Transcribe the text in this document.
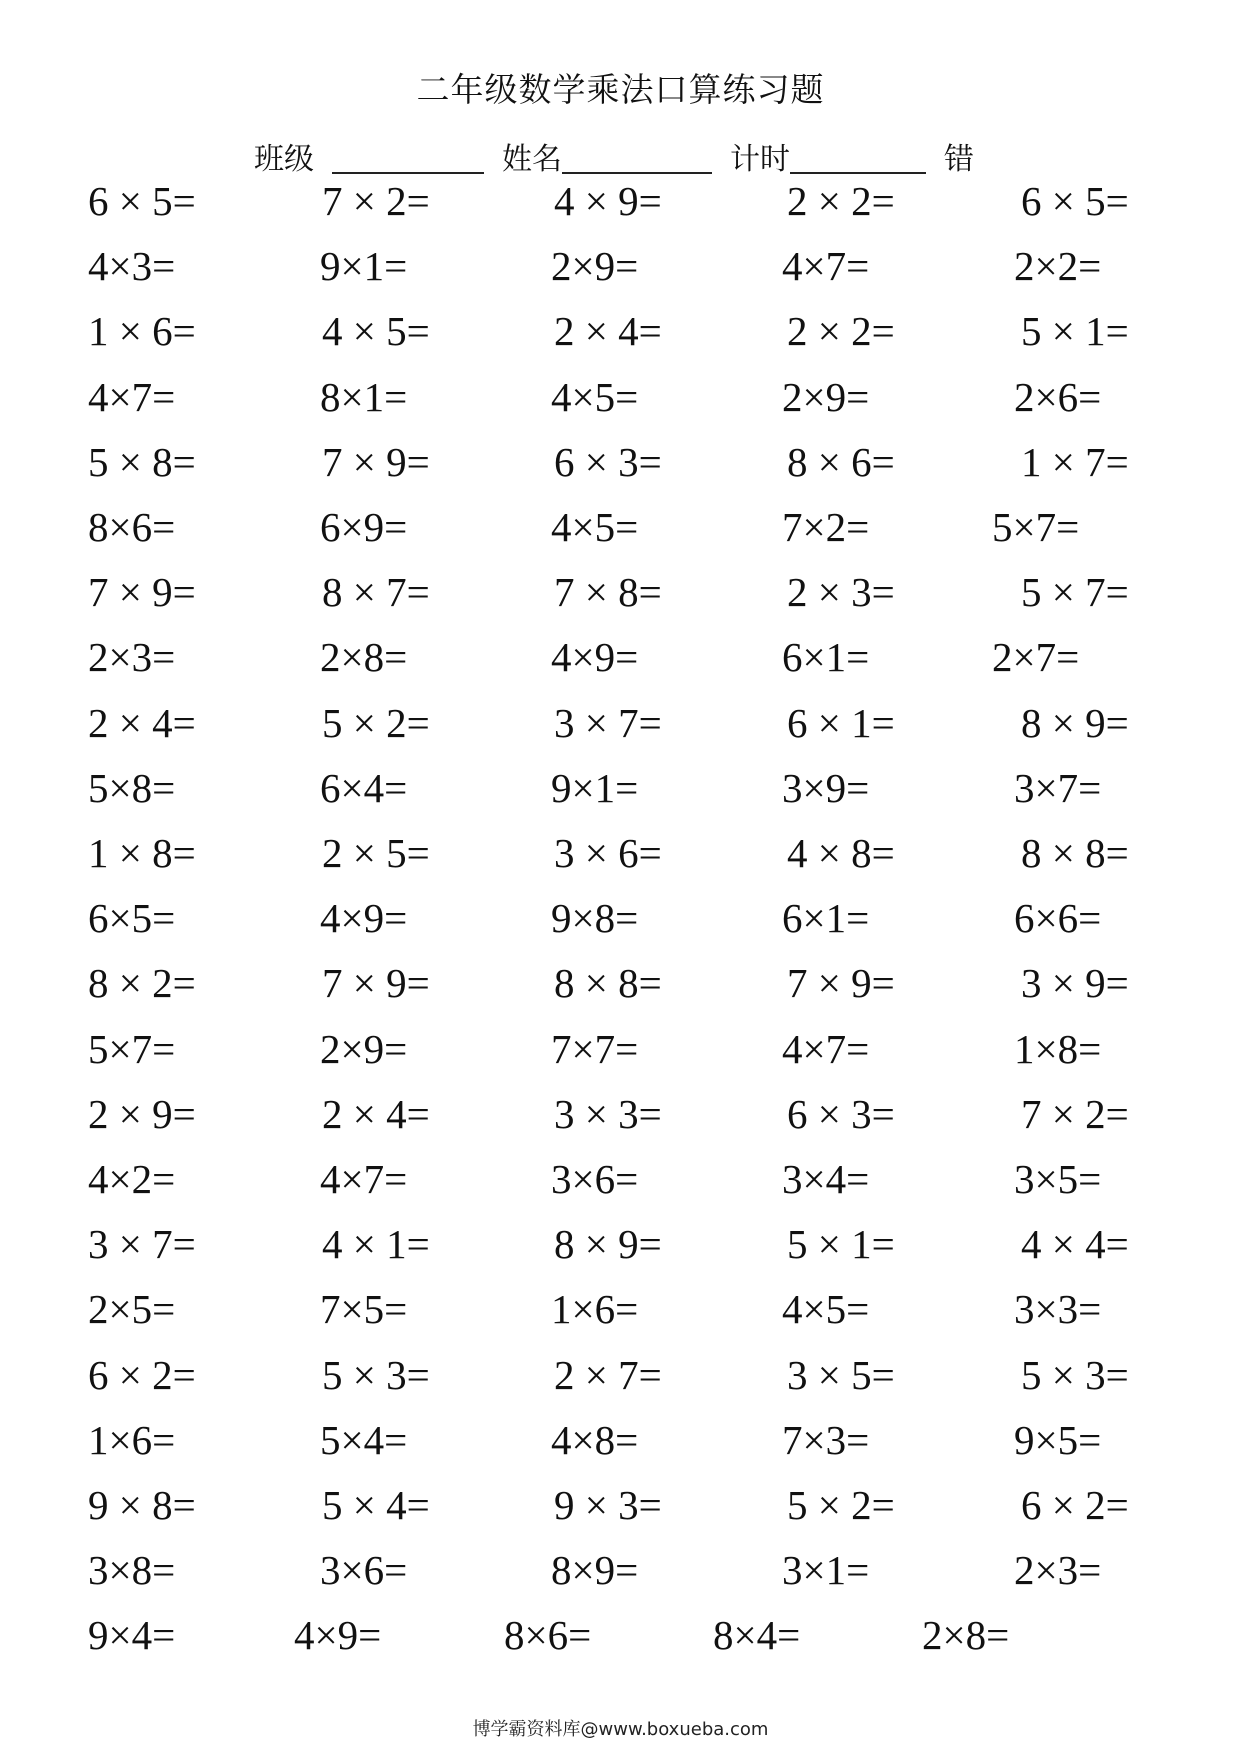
二年级数学乘法口算练习题
班级	姓名	计时	错
6 × 5=	7 × 2=	4 × 9=	2 × 2=	6 × 5=
4×3=	9×1=	2×9=	4×7=	2×2=
1 × 6=	4 × 5=	2 × 4=	2 × 2=	5 × 1=
4×7=	8×1=	4×5=	2×9=	2×6=
5 × 8=	7 × 9=	6 × 3=	8 × 6=	1 × 7=
8×6=	6×9=	4×5=	7×2=	5×7=
7 × 9=	8 × 7=	7 × 8=	2 × 3=	5 × 7=
2×3=	2×8=	4×9=	6×1=	2×7=
2 × 4=	5 × 2=	3 × 7=	6 × 1=	8 × 9=
5×8=	6×4=	9×1=	3×9=	3×7=
1 × 8=	2 × 5=	3 × 6=	4 × 8=	8 × 8=
6×5=	4×9=	9×8=	6×1=	6×6=
8 × 2=	7 × 9=	8 × 8=	7 × 9=	3 × 9=
5×7=	2×9=	7×7=	4×7=	1×8=
2 × 9=	2 × 4=	3 × 3=	6 × 3=	7 × 2=
4×2=	4×7=	3×6=	3×4=	3×5=
3 × 7=	4 × 1=	8 × 9=	5 × 1=	4 × 4=
2×5=	7×5=	1×6=	4×5=	3×3=
6 × 2=	5 × 3=	2 × 7=	3 × 5=	5 × 3=
1×6=	5×4=	4×8=	7×3=	9×5=
9 × 8=	5 × 4=	9 × 3=	5 × 2=	6 × 2=
3×8=	3×6=	8×9=	3×1=	2×3=
9×4=	4×9=	8×6=	8×4=	2×8=
博学霸资料库@www.boxueba.com
